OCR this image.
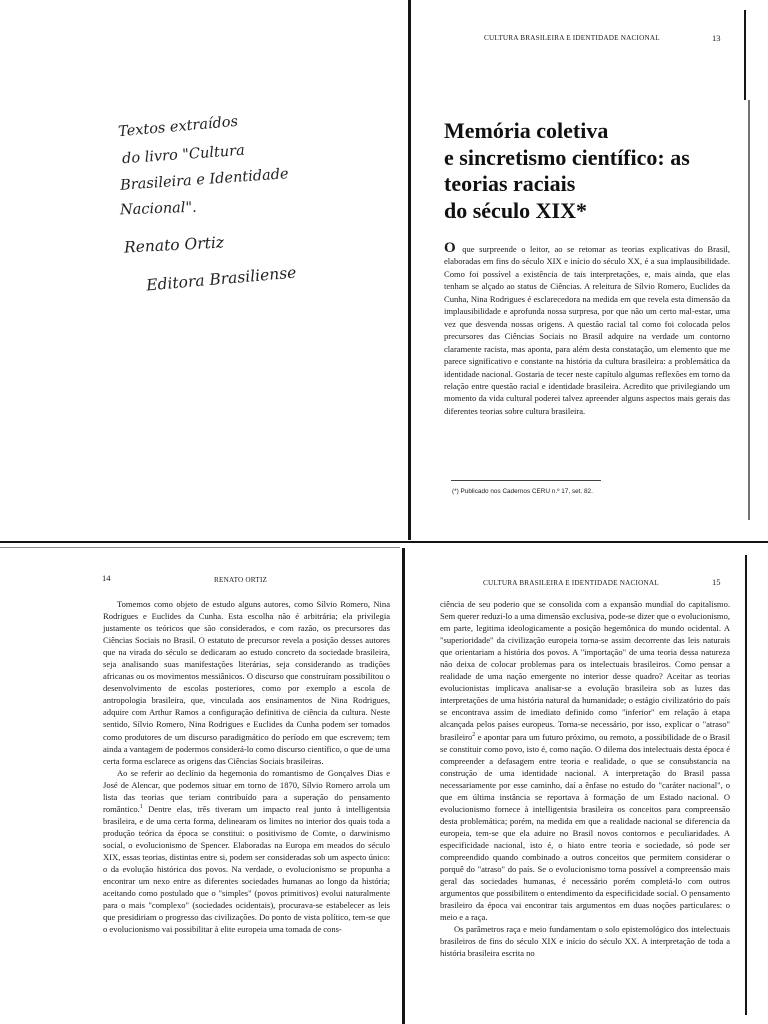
Textos extraídos
do livro "Cultura
Brasileira e Identidade
Nacional".
Renato Ortiz
Editora Brasiliense
CULTURA BRASILEIRA E IDENTIDADE NACIONAL	13
Memória coletiva
e sincretismo científico: as
teorias raciais
do século XIX*
O que surpreende o leitor, ao se retomar as teorias explicativas do Brasil, elaboradas em fins do século XIX e início do século XX, é a sua implausibilidade. Como foi possível a existência de tais interpretações, e, mais ainda, que elas tenham se alçado ao status de Ciências. A releitura de Sílvio Romero, Euclides da Cunha, Nina Rodrigues é esclarecedora na medida em que revela esta dimensão da implausibilidade e aprofunda nossa surpresa, por que não um certo mal-estar, uma vez que desvenda nossas origens. A questão racial tal como foi colocada pelos precursores das Ciências Sociais no Brasil adquire na verdade um contorno claramente racista, mas aponta, para além desta constatação, um elemento que me parece significativo e constante na história da cultura brasileira: a problemática da identidade nacional. Gostaria de tecer neste capítulo algumas reflexões em torno da relação entre questão racial e identidade brasileira. Acredito que privilegiando um momento da vida cultural poderei talvez apreender alguns aspectos mais gerais das diferentes teorias sobre cultura brasileira.
(*) Publicado nos Cadernos CERU n.º 17, set. 82.
14	RENATO ORTIZ

Tomemos como objeto de estudo alguns autores, como Sílvio Romero, Nina Rodrigues e Euclides da Cunha. Esta escolha não é arbitrária; ela privilegia justamente os teóricos que são considerados, e com razão, os precursores das Ciências Sociais no Brasil. O estatuto de precursor revela a posição desses autores que na virada do século se dedicaram ao estudo concreto da sociedade brasileira, seja analisando suas manifestações literárias, seja considerando as tradições africanas ou os movimentos messiânicos. O discurso que construíram possibilitou o desenvolvimento de escolas posteriores, como por exemplo a escola de antropologia brasileira, que, vinculada aos ensinamentos de Nina Rodrigues, adquire com Arthur Ramos a configuração definitiva de ciência da cultura. Neste sentido, Sílvio Romero, Nina Rodrigues e Euclides da Cunha podem ser tomados como produtores de um discurso paradigmático do período em que escrevem; tem ainda a vantagem de podermos considerá-lo como discurso científico, o que de uma certa forma esclarece as origens das Ciências Sociais brasileiras.

Ao se referir ao declínio da hegemonia do romantismo de Gonçalves Dias e José de Alencar, que podemos situar em torno de 1870, Sílvio Romero arrola um lista das teorias que teriam contribuído para a superação do pensamento romântico.$^1$ Dentre elas, três tiveram um impacto real junto à intelligentsia brasileira, e de uma certa forma, delinearam os limites no interior dos quais toda a produção teórica da época se constitui: o positivismo de Comte, o darwinismo social, o evolucionismo de Spencer. Elaboradas na Europa em meados do século XIX, essas teorias, distintas entre si, podem ser consideradas sob um aspecto único: o da evolução histórica dos povos. Na verdade, o evolucionismo se propunha a encontrar um nexo entre as diferentes sociedades humanas ao longo da história; aceitando como postulado que o "simples" (povos primitivos) evolui naturalmente para o mais "complexo" (sociedades ocidentais), procurava-se estabelecer as leis que presidiriam o progresso das civilizações. Do ponto de vista político, tem-se que o evolucionismo vai possibilitar à elite europeia uma tomada de cons-

CULTURA BRASILEIRA E IDENTIDADE NACIONAL	15

ciência de seu poderio que se consolida com a expansão mundial do capitalismo. Sem querer reduzi-lo a uma dimensão exclusiva, pode-se dizer que o evolucionismo, em parte, legitima ideologicamente a posição hegemônica do mundo ocidental. A "superioridade" da civilização europeia torna-se assim decorrente das leis naturais que orientariam a história dos povos. A "importação" de uma teoria dessa natureza não deixa de colocar problemas para os intelectuais brasileiros. Como pensar a realidade de uma nação emergente no interior desse quadro? Aceitar as teorias evolucionistas implicava analisar-se a evolução brasileira sob as luzes das interpretações de uma história natural da humanidade; o estágio civilizatório do país se encontrava assim de imediato definido como "inferior" em relação à etapa alcançada pelos países europeus. Torna-se necessário, por isso, explicar o "atraso" brasileiro$^2$ e apontar para um futuro próximo, ou remoto, a possibilidade de o Brasil se constituir como povo, isto é, como nação. O dilema dos intelectuais desta época é compreender a defasagem entre teoria e realidade, o que se consubstancia na construção de uma identidade nacional. A interpretação do Brasil passa necessariamente por esse caminho, daí a ênfase no estudo do "caráter nacional", o que em última instância se reportava à formação de um Estado nacional. O evolucionismo fornece à intelligentsia brasileira os conceitos para compreensão desta problemática; porém, na medida em que a realidade nacional se diferencia da europeia, tem-se que ela aduire no Brasil novos contornos e peculiaridades. A especificidade nacional, isto é, o hiato entre teoria e sociedade, só pode ser compreendido quando combinado a outros conceitos que permitem considerar o porquê do "atraso" do país. Se o evolucionismo torna possível a compreensão mais geral das sociedades humanas, é necessário porém completá-lo com outros argumentos que possibilitem o entendimento da especificidade social. O pensamento brasileiro da época vai encontrar tais argumentos em duas noções particulares: o meio e a raça.

Os parâmetros raça e meio fundamentam o solo epistemológico dos intelectuais brasileiros de fins do século XIX e início do século XX. A interpretação de toda a história brasileira escrita no
